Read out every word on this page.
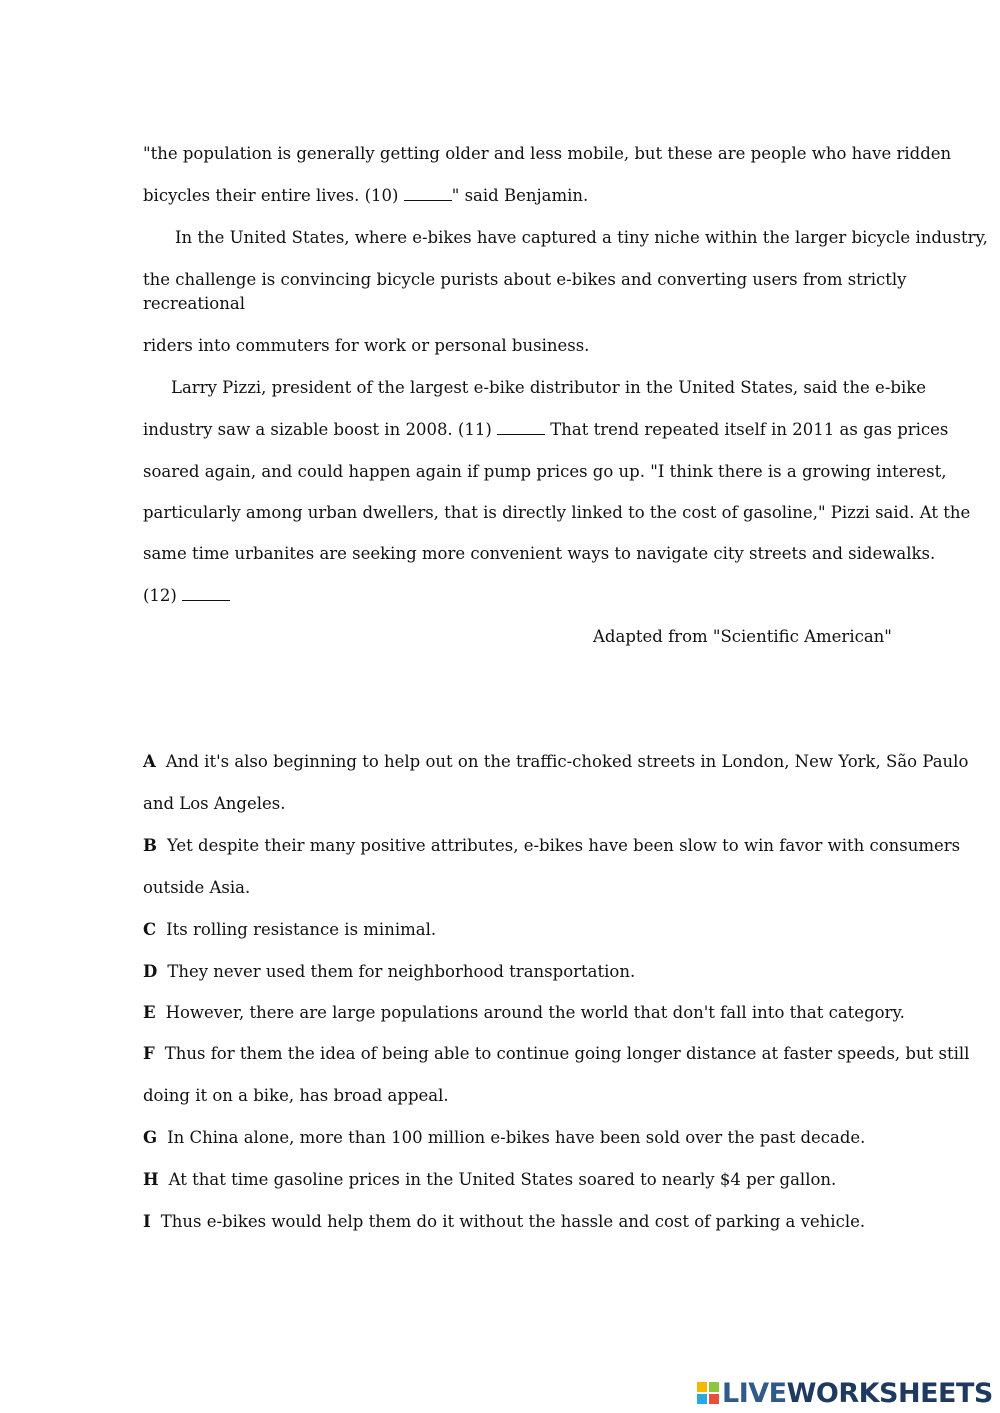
"the population is generally getting older and less mobile, but these are people who have ridden

bicycles their entire lives. (10)	" said Benjamin.

In the United States, where e-bikes have captured a tiny niche within the larger bicycle industry,

the challenge is convincing bicycle purists about e-bikes and converting users from strictly

recreational

riders into commuters for work or personal business.

Larry Pizzi, president of the largest e-bike distributor in the United States, said the e-bike

industry saw a sizable boost in 2008. (11)	That trend repeated itself in 2011 as gas prices

soared again, and could happen again if pump prices go up. "I think there is a growing interest,

particularly among urban dwellers, that is directly linked to the cost of gasoline," Pizzi said. At the

same time urbanites are seeking more convenient ways to navigate city streets and sidewalks.

(12)

Adapted from "Scientific American"

A And it's also beginning to help out on the traffic-choked streets in London, New York, São Paulo

and Los Angeles.

B Yet despite their many positive attributes, e-bikes have been slow to win favor with consumers

outside Asia.

C Its rolling resistance is minimal.

D They never used them for neighborhood transportation.

E However, there are large populations around the world that don't fall into that category.

F Thus for them the idea of being able to continue going longer distance at faster speeds, but still

doing it on a bike, has broad appeal.

G In China alone, more than 100 million e-bikes have been sold over the past decade.

H At that time gasoline prices in the United States soared to nearly $4 per gallon.

I Thus e-bikes would help them do it without the hassle and cost of parking a vehicle.

LIVEWORKSHEETS
